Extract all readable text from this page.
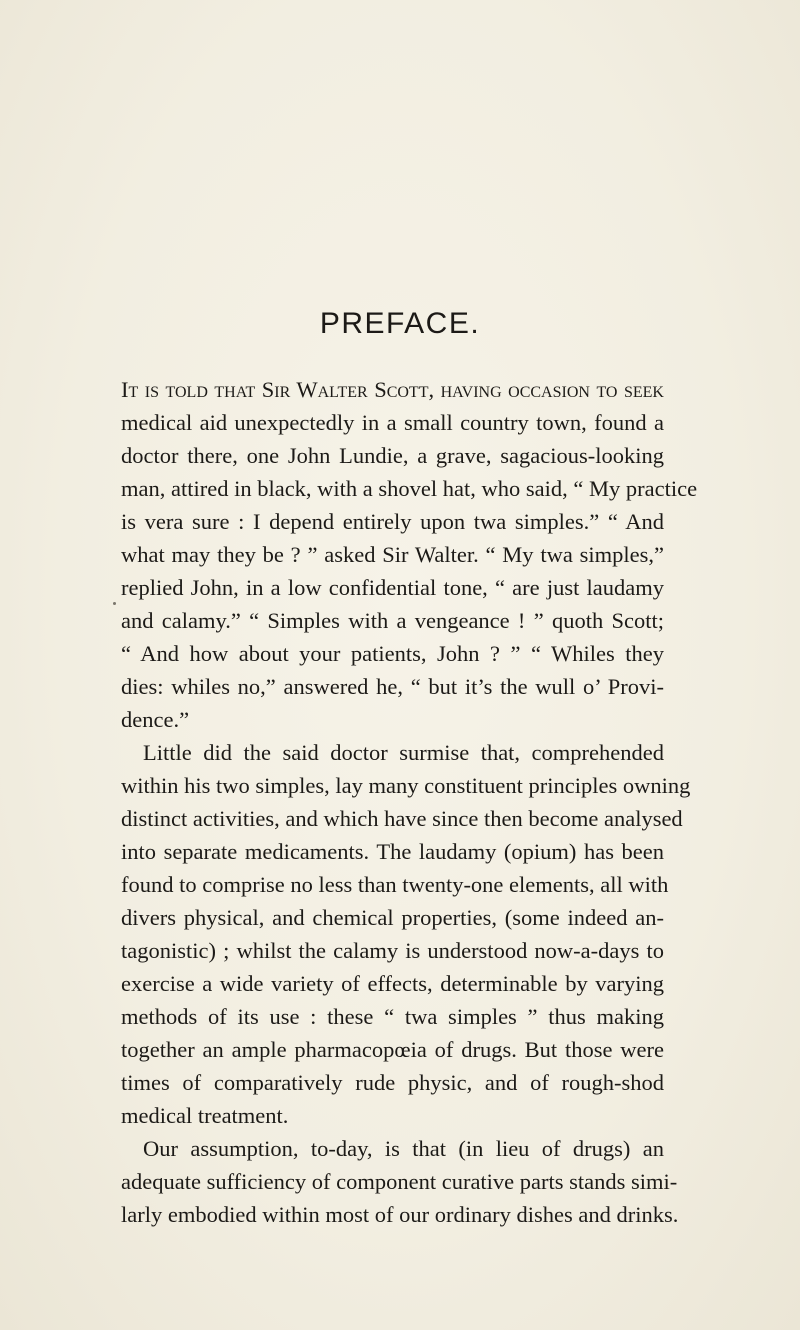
PREFACE.
It is told that Sir Walter Scott, having occasion to seek
medical aid unexpectedly in a small country town, found a
doctor there, one John Lundie, a grave, sagacious-looking
man, attired in black, with a shovel hat, who said, “ My practice
is vera sure : I depend entirely upon twa simples.” “ And
what may they be ? ” asked Sir Walter. “ My twa simples,”
replied John, in a low confidential tone, “ are just laudamy
and calamy.” “ Simples with a vengeance ! ” quoth Scott;
“ And how about your patients, John ? ” “ Whiles they
dies: whiles no,” answered he, “ but it’s the wull o’ Provi-
dence.”
Little did the said doctor surmise that, comprehended
within his two simples, lay many constituent principles owning
distinct activities, and which have since then become analysed
into separate medicaments. The laudamy (opium) has been
found to comprise no less than twenty-one elements, all with
divers physical, and chemical properties, (some indeed an-
tagonistic) ; whilst the calamy is understood now-a-days to
exercise a wide variety of effects, determinable by varying
methods of its use : these “ twa simples ” thus making
together an ample pharmacopœia of drugs. But those were
times of comparatively rude physic, and of rough-shod
medical treatment.
Our assumption, to-day, is that (in lieu of drugs) an
adequate sufficiency of component curative parts stands simi-
larly embodied within most of our ordinary dishes and drinks.
